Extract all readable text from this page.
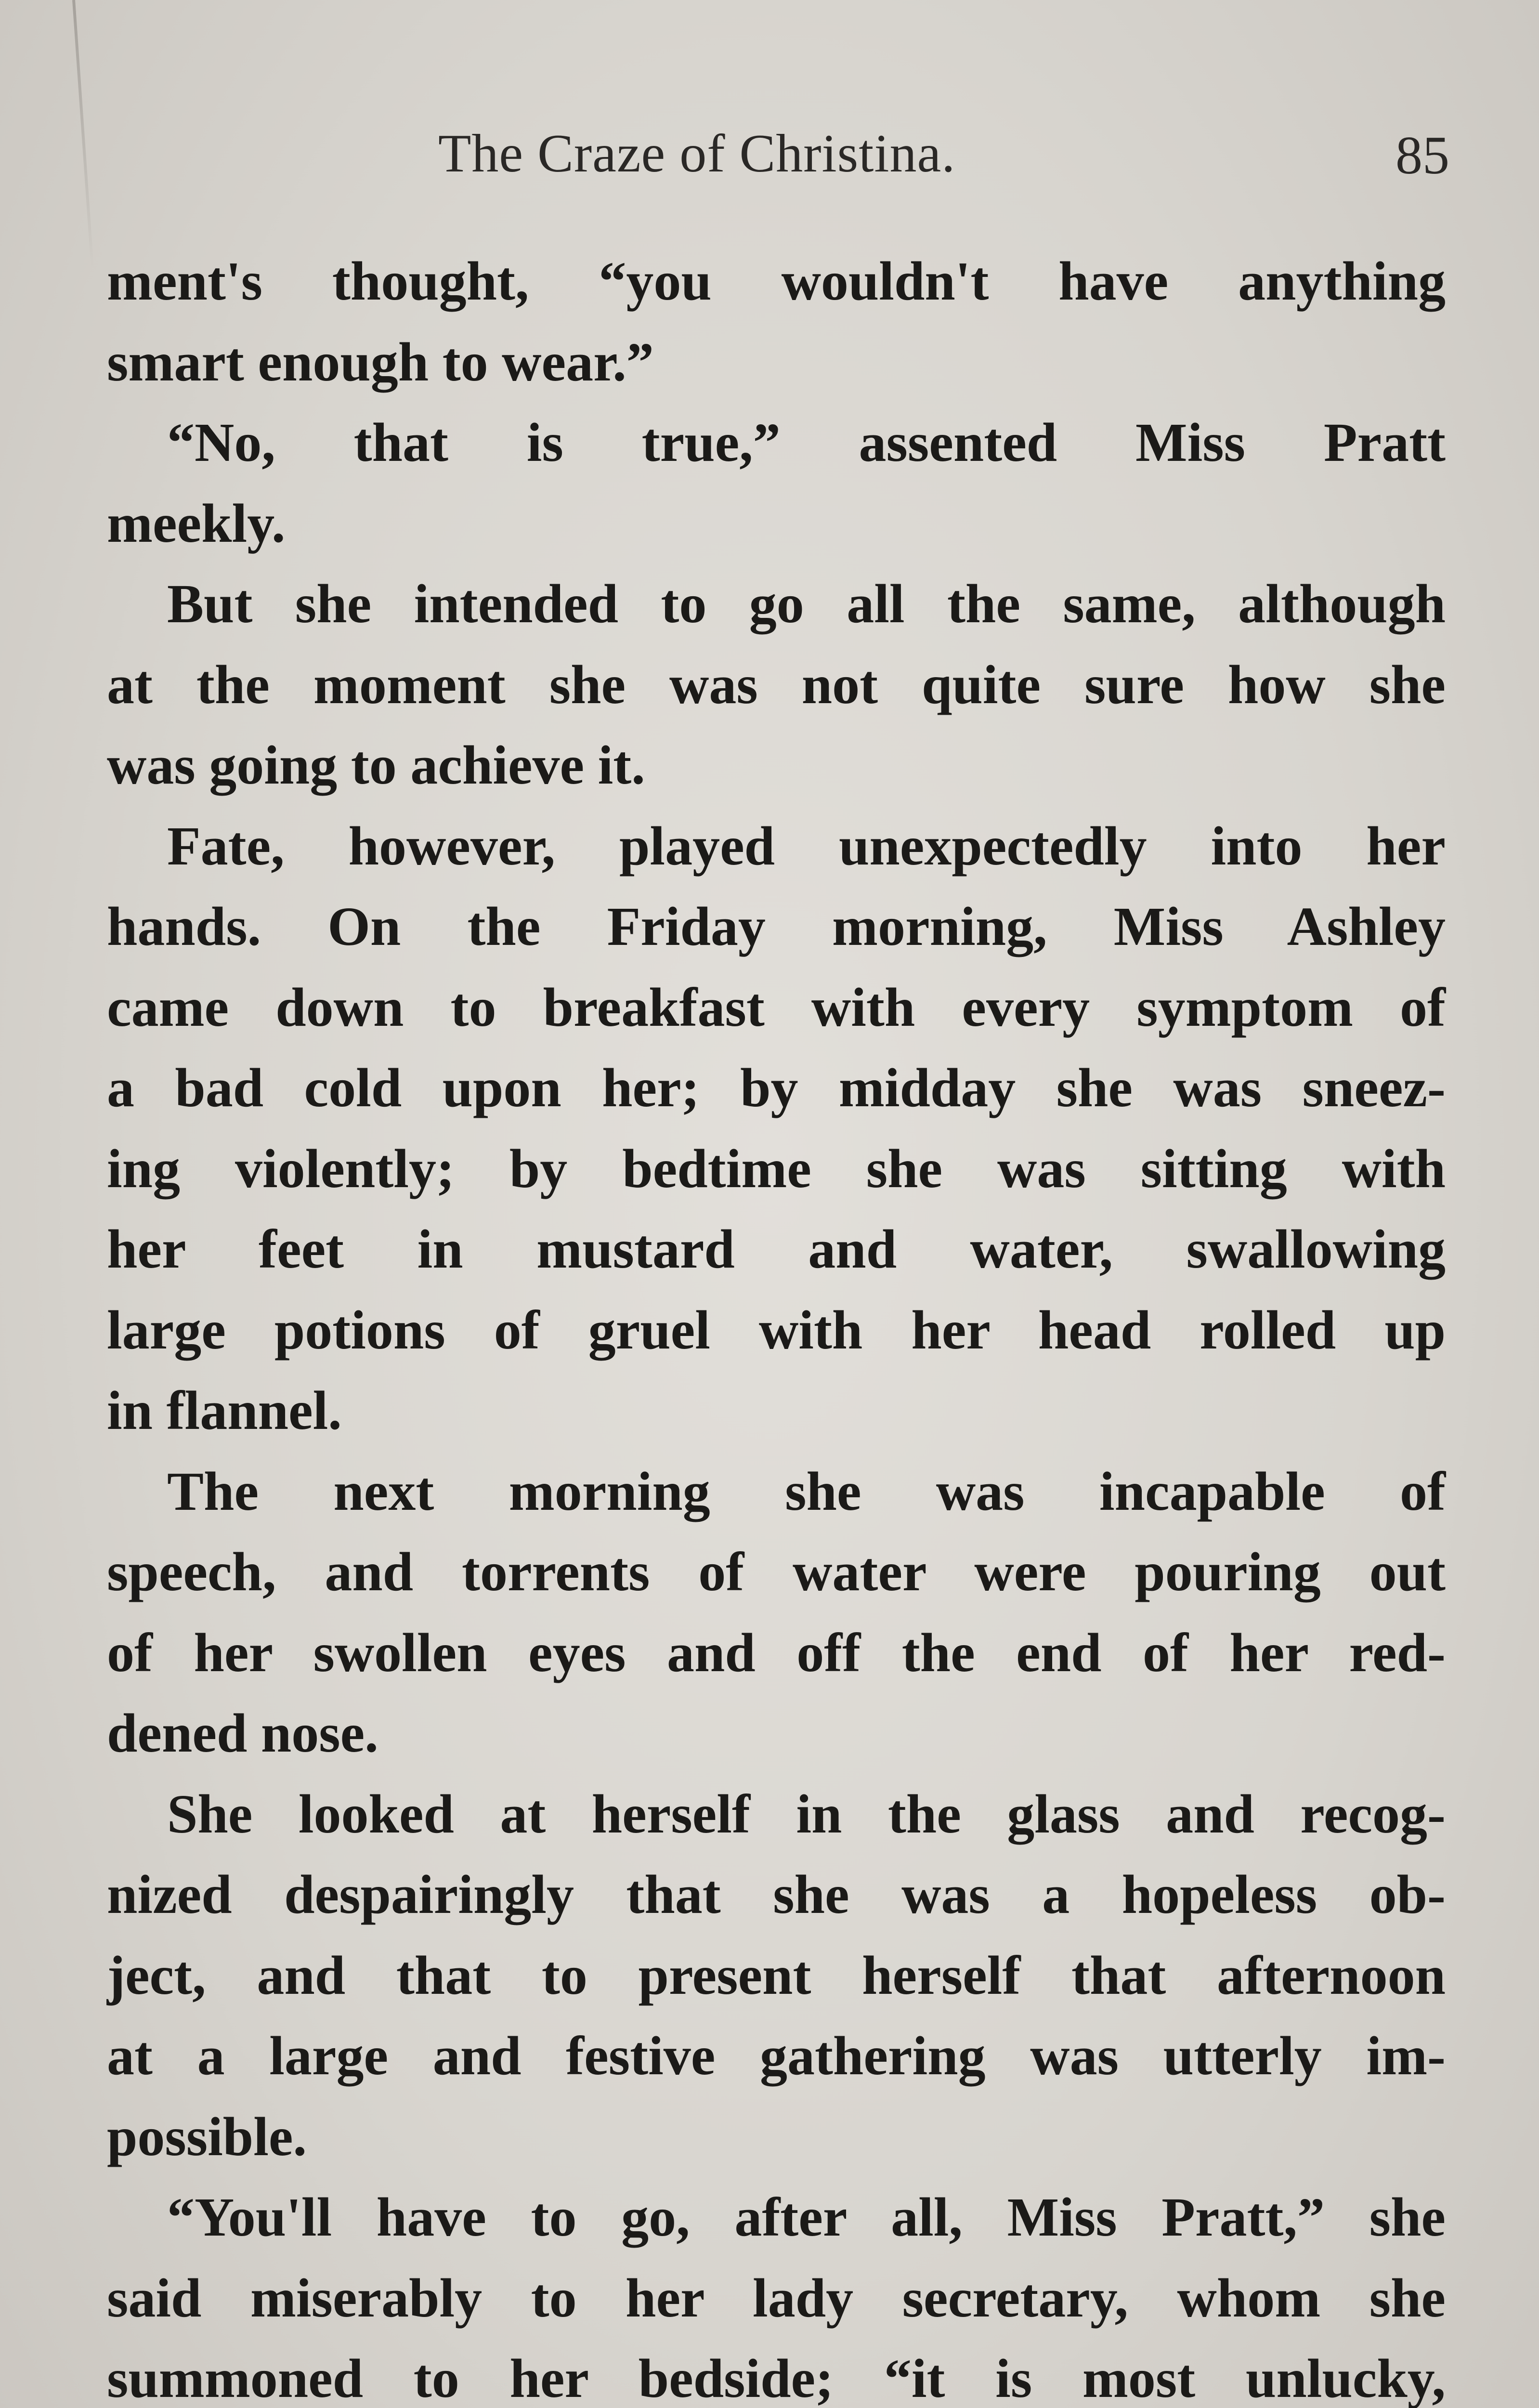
The Craze of Christina.	85
ment's thought, “you wouldn't have anything
smart enough to wear.”
“No, that is true,” assented Miss Pratt
meekly.
But she intended to go all the same, although
at the moment she was not quite sure how she
was going to achieve it.
Fate, however, played unexpectedly into her
hands. On the Friday morning, Miss Ashley
came down to breakfast with every symptom of
a bad cold upon her; by midday she was sneez-
ing violently; by bedtime she was sitting with
her feet in mustard and water, swallowing
large potions of gruel with her head rolled up
in flannel.
The next morning she was incapable of
speech, and torrents of water were pouring out
of her swollen eyes and off the end of her red-
dened nose.
She looked at herself in the glass and recog-
nized despairingly that she was a hopeless ob-
ject, and that to present herself that afternoon
at a large and festive gathering was utterly im-
possible.
“You'll have to go, after all, Miss Pratt,” she
said miserably to her lady secretary, whom she
summoned to her bedside; “it is most unlucky,
